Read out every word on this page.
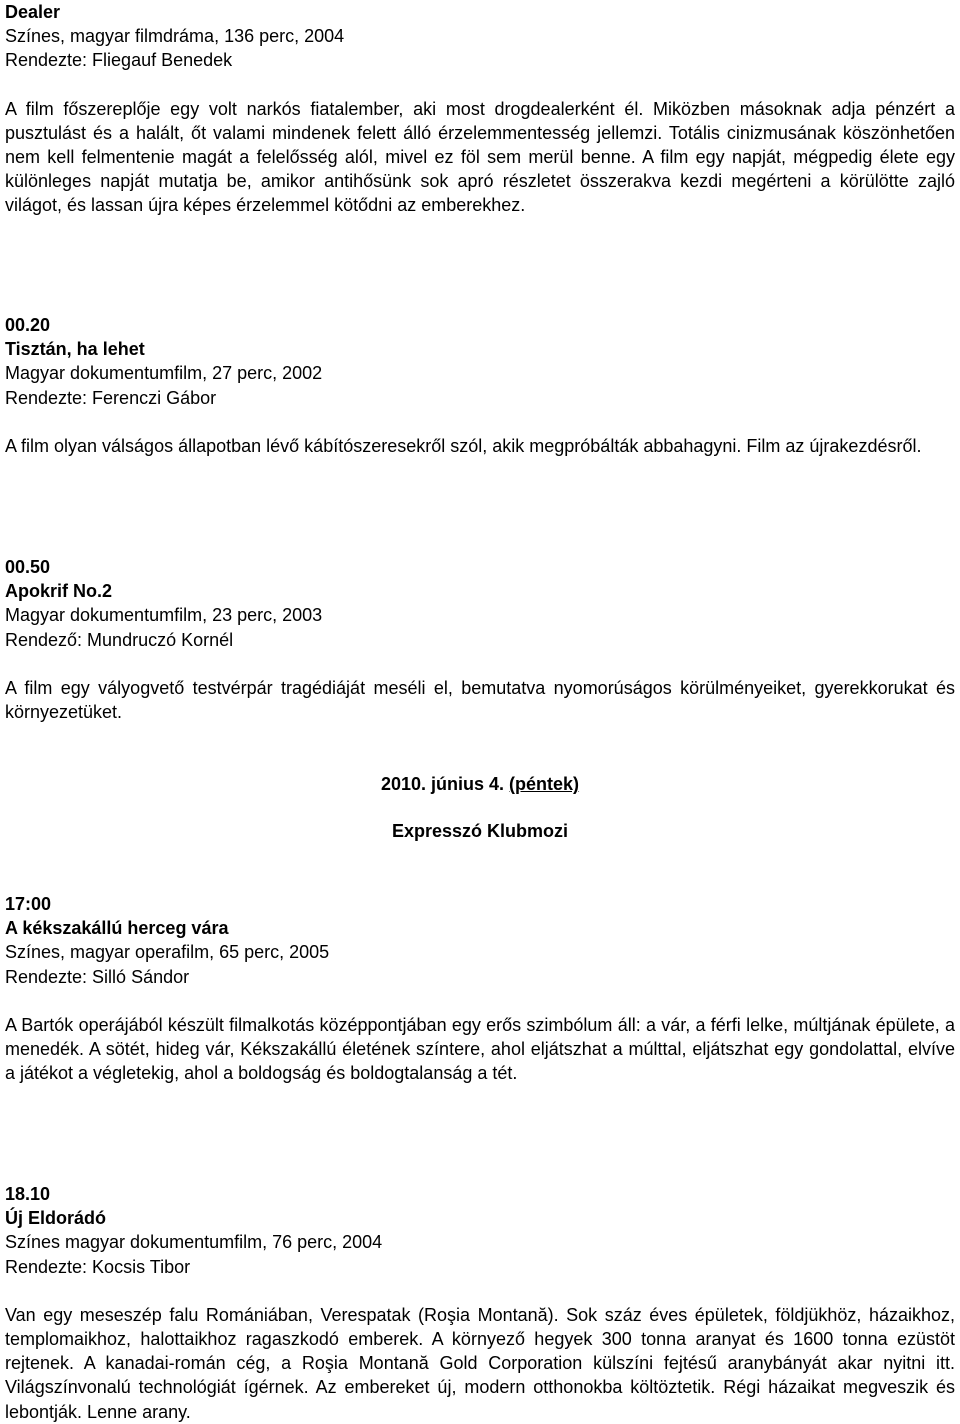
Dealer

Színes, magyar filmdráma, 136 perc, 2004

Rendezte: Fliegauf Benedek

A film főszereplője egy volt narkós fiatalember, aki most drogdealerként él. Miközben másoknak adja pénzért a pusztulást és a halált, őt valami mindenek felett álló érzelemmentesség jellemzi. Totális cinizmusának köszönhetően nem kell felmentenie magát a felelősség alól, mivel ez föl sem merül benne. A film egy napját, mégpedig élete egy különleges napját mutatja be, amikor antihősünk sok apró részletet összerakva kezdi megérteni a körülötte zajló világot, és lassan újra képes érzelemmel kötődni az emberekhez.

00.20

Tisztán, ha lehet

Magyar dokumentumfilm, 27 perc, 2002

Rendezte: Ferenczi Gábor

A film olyan válságos állapotban lévő kábítószeresekről szól, akik megpróbálták abbahagyni. Film az újrakezdésről.

00.50

Apokrif No.2

Magyar dokumentumfilm, 23 perc, 2003

Rendező: Mundruczó Kornél

A film egy vályogvető testvérpár tragédiáját meséli el, bemutatva nyomorúságos körülményeiket, gyerekkorukat és környezetüket.

2010. június 4. (péntek)

Expresszó Klubmozi

17:00

A kékszakállú herceg vára

Színes, magyar operafilm, 65 perc, 2005

Rendezte: Silló Sándor

A Bartók operájából készült filmalkotás középpontjában egy erős szimbólum áll: a vár, a férfi lelke, múltjának épülete, a menedék. A sötét, hideg vár, Kékszakállú életének színtere, ahol eljátszhat a múlttal, eljátszhat egy gondolattal, elvíve a játékot a végletekig, ahol a boldogság és boldogtalanság a tét.

18.10

Új Eldorádó

Színes magyar dokumentumfilm, 76 perc, 2004

Rendezte: Kocsis Tibor

Van egy meseszép falu Romániában, Verespatak (Roşia Montană). Sok száz éves épületek, földjükhöz, házaikhoz, templomaikhoz, halottaikhoz ragaszkodó emberek. A környező hegyek 300 tonna aranyat és 1600 tonna ezüstöt rejtenek. A kanadai-román cég, a Roşia Montană Gold Corporation külszíni fejtésű aranybányát akar nyitni itt. Világszínvonalú technológiát ígérnek. Az embereket új, modern otthonokba költöztetik. Régi házaikat megveszik és lebontják. Lenne arany.
